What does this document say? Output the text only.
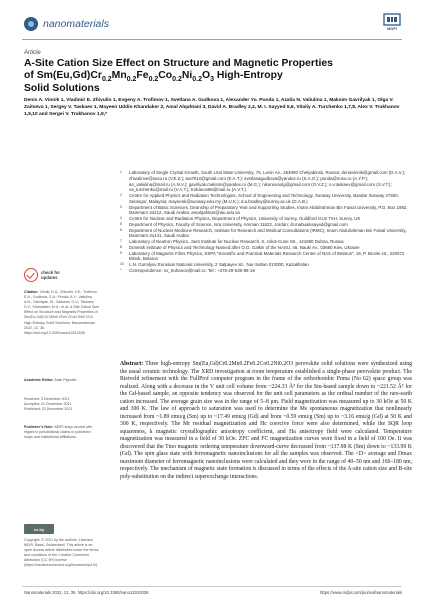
nanomaterials	MDPI
Article
A-Site Cation Size Effect on Structure and Magnetic Properties
of $Sm(Eu,Gd)Cr_{0.2}Mn_{0.2}Fe_{0.2}Co_{0.2}Ni_{0.2}O_3$ High-Entropy
Solid Solutions
Denis A. Vinnik 1, Vladimir E. Zhivulin 1, Evgeny A. Trofimov 1, Svetlana A. Gudkova 1, Alexander Yu. Punda 1, Azalia N. Valiulina 1, Maksim Gavrilyak 1, Olga V. Zaitseva 1, Sergey V. Taskaev 1, Mayeen Uddin Khandaker 2, Amal Alqahtani 3, David A. Bradley 2,4, M. I. Sayyed 5,6, Vitaliy A. Turchenko 1,7,8, Alex V. Trukhanov 1,9,10 and Sergei V. Trukhanov 1,9,*
1	Laboratory of Single Crystal Growth, South Ural State University, 76, Lenin Av., 454080 Chelyabinsk, Russia; denisvinnik@gmail.com (D.A.V.); zhivulinve@susu.ru (V.E.Z.); tea7510@gmail.com (E.A.T.); svetlanagudkova@yandex.ru (S.A.G.); punda@susu.ru (A.Y.P.); an_valiulina@mail.ru (A.N.V.); gavrilyak.maksim@yandex.ru (M.G.); nikonovaolg@gmail.com (O.V.Z.); s.v.taskaev@gmail.com (S.V.T.); va_turchenko@mail.ru (V.A.T.); truhanov86@mail.ru (A.V.T.)
2	Centre for Applied Physics and Radiation Technologies, School of Engineering and Technology, Sunway University, Bandar Sunway 47500, Selangor, Malaysia; mayeenk@sunway.edu.my (M.U.K.); d.a.bradley@surrey.ac.uk (D.A.B.)
3	Department of Basic Sciences, Deanship of Preparatory Year and Supporting Studies, Imam Abdulrahman Bin Faisal University, P.O. Box 1982, Dammam 34212, Saudi Arabia; amalqahtani@iau.edu.sa
4	Centre for Nuclear and Radiation Physics, Department of Physics, University of Surrey, Guildford GU2 7XH, Surrey, UK
5	Department of Physics, Faculty of Science, Isra University, Amman 11622, Jordan; dr.mabualssayed@gmail.com
6	Department of Nuclear Medicine Research, Institute for Research and Medical Consultations (IRMC), Imam Abdulrahman Bin Faisal University, Dammam 31441, Saudi Arabia
7	Laboratory of Neutron Physics, Joint Institute for Nuclear Research, 6, Joliot-Curie Str., 141980 Dubna, Russia
8	Donetsk Institute of Physics and Technology Named after O.O. Galkin of the NASU, 46, Nauki Av., 03680 Kiev, Ukraine
9	Laboratory of Magnetic Films Physics, SSPA “Scientific and Practical Materials Research Centre of NAS of Belarus”, 19, P. Brovki str., 220072 Minsk, Belarus
10	L.N. Gumilyov Eurasian National University, 2 Satpayev str., Nur-Sultan 010000, Kazakhstan
*	Correspondence: sv_truhanov@mail.ru; Tel.: +375-29-536-86-19
check for
updates
Citation: Vinnik, D.A.; Zhivulin, V.E.; Trofimov, E.A.; Gudkova, S.A.; Punda, A.Y.; Valiulina, A.N.; Gavrilyak, M.; Zaitseva, O.V.; Taskaev, S.V.; Khandaker, M.U.; et al. A-Site Cation Size Effect on Structure and Magnetic Properties of Sm(Eu,Gd)Cr0.2Mn0.2Fe0.2Co0.2Ni0.2O3 High-Entropy Solid Solutions. Nanomaterials 2022, 12, 36. https://doi.org/10.3390/nano12010036
Academic Editor: Alain Pignolet
Received: 3 December 2021
Accepted: 21 December 2021
Published: 23 December 2021
Publisher’s Note: MDPI stays neutral with regard to jurisdictional claims in published maps and institutional affiliations.
cc by
Copyright: © 2021 by the authors. Licensee MDPI, Basel, Switzerland. This article is an open access article distributed under the terms and conditions of the Creative Commons Attribution (CC BY) license (https://creativecommons.org/licenses/by/4.0/).
Abstract: Three high-entropy Sm(Eu,Gd)Cr0.2Mn0.2Fe0.2Co0.2Ni0.2O3 perovskite solid solutions were synthesized using the usual ceramic technology. The XRD investigation at room temperature established a single-phase perovskite product. The Rietveld refinement with the FullProf computer program in the frame of the orthorhombic Pnma (No 62) space group was realized. Along with a decrease in the V unit cell volume from ~224.33 Å³ for the Sm-based sample down to ~221.52 Å³ for the Gd-based sample, an opposite tendency was observed for the unit cell parameters as the ordinal number of the rare-earth cation increased. The average grain size was in the range of 5–8 μm. Field magnetization was measured up to 30 kOe at 50 K and 300 K. The law of approach to saturation was used to determine the Ms spontaneous magnetization that nonlinearly increased from ~1.89 emu/g (Sm) up to ~17.49 emu/g (Gd) and from ~0.59 emu/g (Sm) up to ~3.16 emu/g (Gd) at 50 K and 300 K, respectively. The Mr residual magnetization and Hc coercive force were also determined, while the SQR loop squareness, k magnetic crystallographic anisotropy coefficient, and Ha anisotropy field were calculated. Temperature magnetization was measured in a field of 30 kOe. ZFC and FC magnetization curves were fixed in a field of 100 Oe. It was discovered that the Tmo magnetic ordering temperature downward-curve decreased from ~137.98 K (Sm) down to ~133.99 K (Gd). The spin glass state with ferromagnetic nanoinclusions for all the samples was observed. The <D> average and Dmax maximum diameter of ferromagnetic nanoinclusions were calculated and they were in the range of 40–50 nm and 160–180 nm, respectively. The mechanism of magnetic state formation is discussed in terms of the effects of the A-site cation size and B-site poly-substitution on the indirect superexchange interactions.
Nanomaterials 2022, 12, 36. https://doi.org/10.3390/nano12010036	https://www.mdpi.com/journal/nanomaterials
